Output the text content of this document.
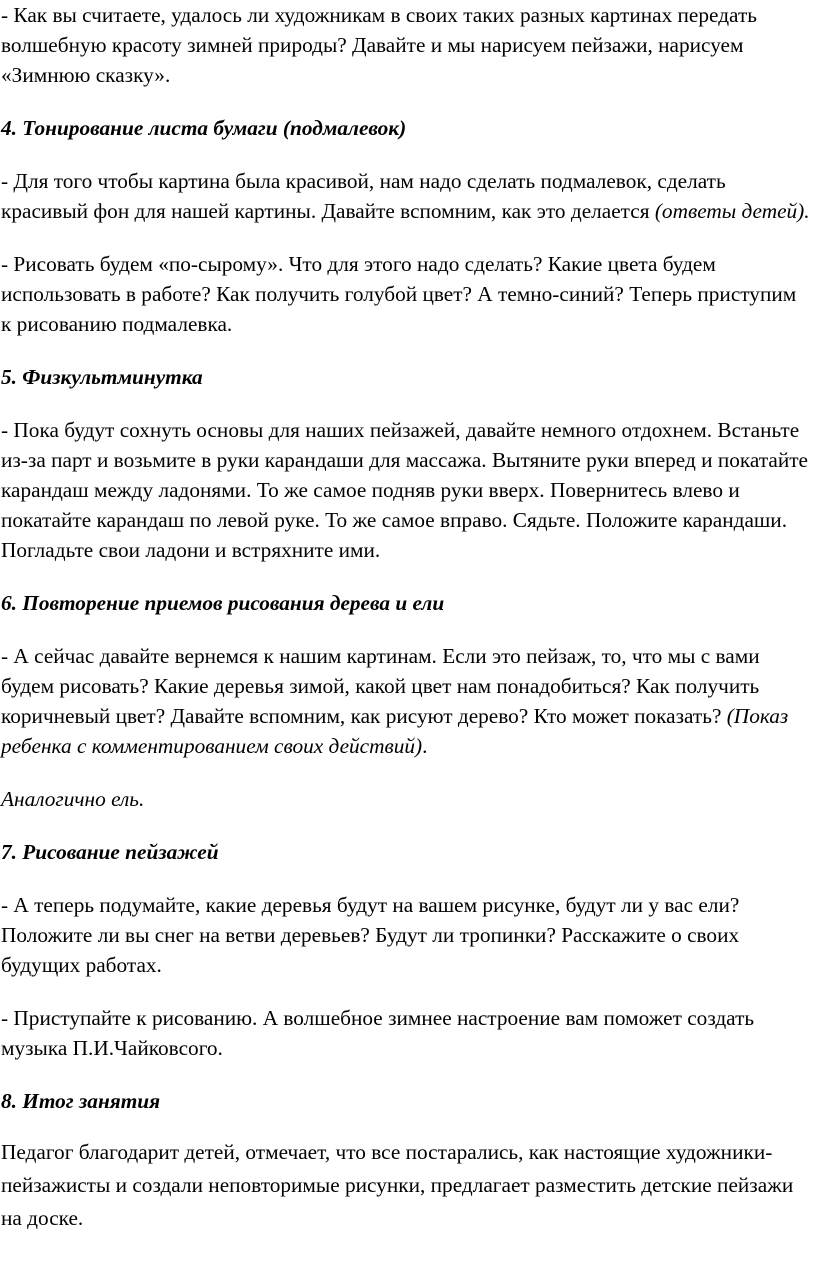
- Как вы считаете, удалось ли художникам в своих таких разных картинах передать волшебную красоту зимней природы? Давайте и мы нарисуем пейзажи, нарисуем «Зимнюю сказку».

4. Тонирование листа бумаги (подмалевок)

- Для того чтобы картина была красивой, нам надо сделать подмалевок, сделать красивый фон для нашей картины. Давайте вспомним, как это делается (ответы детей).

- Рисовать будем «по-сырому». Что для этого надо сделать? Какие цвета будем использовать в работе? Как получить голубой цвет? А темно-синий? Теперь приступим к рисованию подмалевка.

5. Физкультминутка

- Пока будут сохнуть основы для наших пейзажей, давайте немного отдохнем. Встаньте из-за парт и возьмите в руки карандаши для массажа. Вытяните руки вперед и покатайте карандаш между ладонями. То же самое подняв руки вверх. Повернитесь влево и покатайте карандаш по левой руке. То же самое вправо. Сядьте. Положите карандаши. Погладьте свои ладони и встряхните ими.

6. Повторение приемов рисования дерева и ели

- А сейчас давайте вернемся к нашим картинам. Если это пейзаж, то, что мы с вами будем рисовать? Какие деревья зимой, какой цвет нам понадобиться? Как получить коричневый цвет? Давайте вспомним, как рисуют дерево? Кто может показать? (Показ ребенка с комментированием своих действий).

Аналогично ель.

7. Рисование пейзажей

- А теперь подумайте, какие деревья будут на вашем рисунке, будут ли у вас ели? Положите ли вы снег на ветви деревьев? Будут ли тропинки? Расскажите о своих будущих работах.

- Приступайте к рисованию. А волшебное зимнее настроение вам поможет создать музыка П.И.Чайковсого.

8. Итог занятия

Педагог благодарит детей, отмечает, что все постарались, как настоящие художники-пейзажисты и создали неповторимые рисунки, предлагает разместить детские пейзажи на доске.
